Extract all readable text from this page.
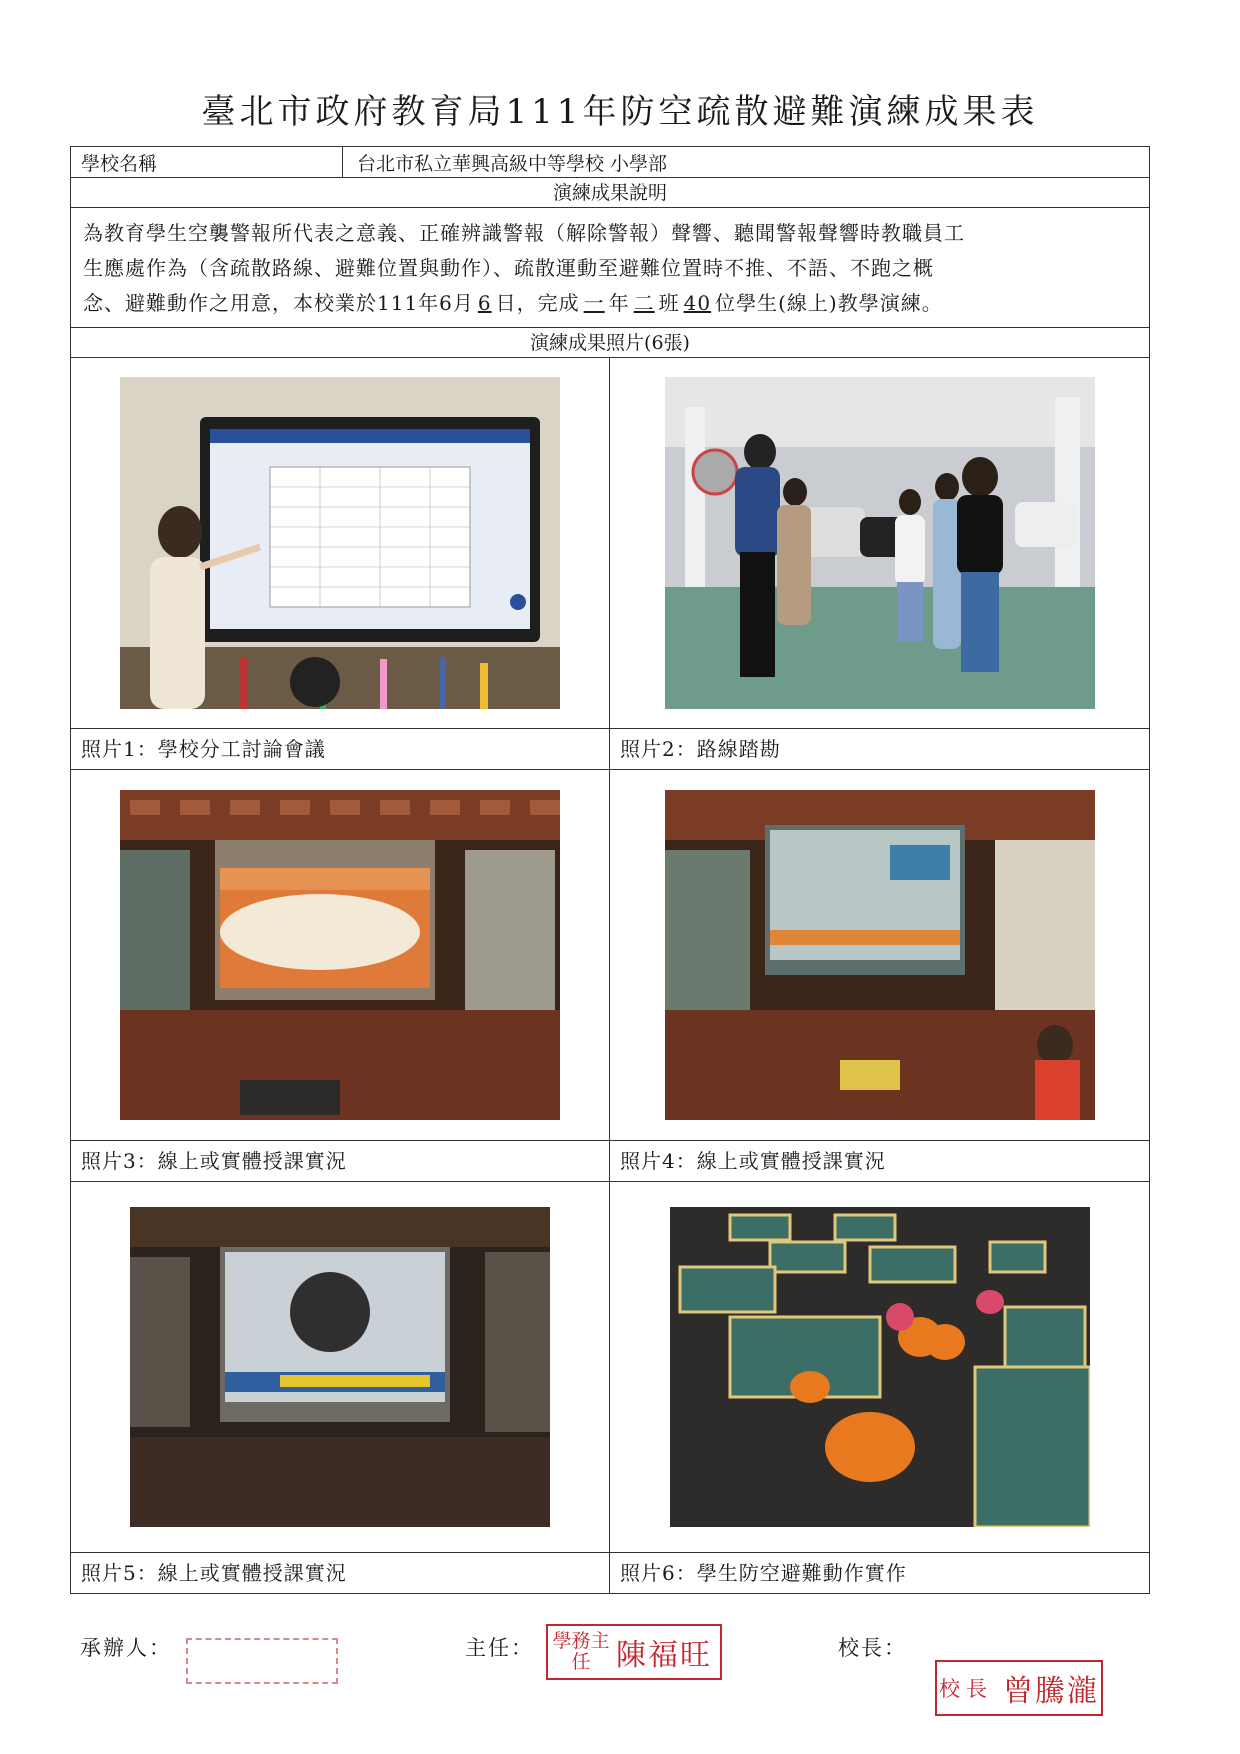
臺北市政府教育局111年防空疏散避難演練成果表
學校名稱	台北市私立華興高級中等學校 小學部
演練成果說明
為教育學生空襲警報所代表之意義、正確辨識警報（解除警報）聲響、聽聞警報聲響時教職員工
生應處作為（含疏散路線、避難位置與動作）、疏散運動至避難位置時不推、不語、不跑之概
念、避難動作之用意，本校業於111年6月 6 日，完成 一 年 二 班 40 位學生(線上)教學演練。
演練成果照片(6張)
照片1：學校分工討論會議	照片2：路線踏勘
照片3：線上或實體授課實況	照片4：線上或實體授課實況
照片5：線上或實體授課實況	照片6：學生防空避難動作實作
承辦人：	主任： 學務主任 陳福旺	校長：
校長 曾騰瀧
